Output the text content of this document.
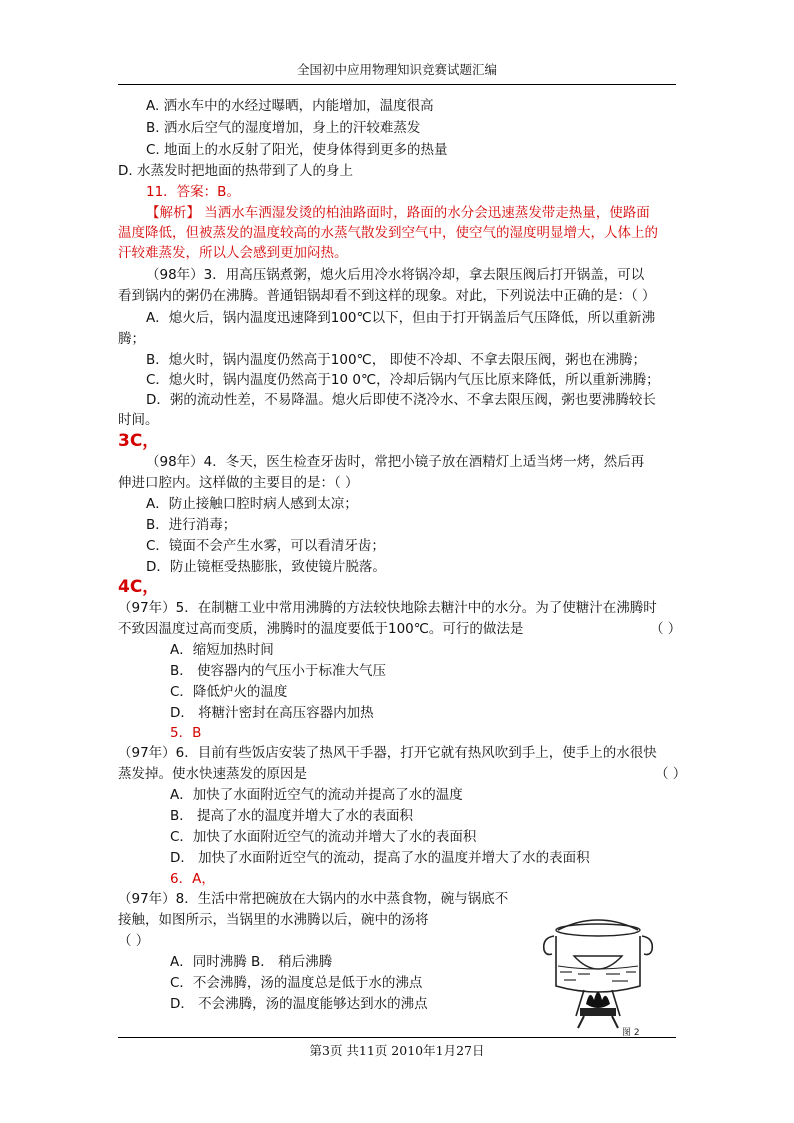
全国初中应用物理知识竞赛试题汇编
A. 洒水车中的水经过曝晒，内能增加，温度很高
B. 洒水后空气的湿度增加，身上的汗较难蒸发
C. 地面上的水反射了阳光，使身体得到更多的热量
D. 水蒸发时把地面的热带到了人的身上
11．答案：B。
【解析】 当洒水车洒湿发烫的柏油路面时，路面的水分会迅速蒸发带走热量，使路面
温度降低，但被蒸发的温度较高的水蒸气散发到空气中，使空气的湿度明显增大，人体上的
汗较难蒸发，所以人会感到更加闷热。
（98年）3．用高压锅煮粥，熄火后用冷水将锅冷却，拿去限压阀后打开锅盖，可以
看到锅内的粥仍在沸腾。普通铝锅却看不到这样的现象。对此，下列说法中正确的是：（ ）
A．熄火后，锅内温度迅速降到100℃以下，但由于打开锅盖后气压降低，所以重新沸
腾；
B．熄火时，锅内温度仍然高于100℃， 即使不冷却、不拿去限压阀，粥也在沸腾；
C．熄火时，锅内温度仍然高于10 0℃，冷却后锅内气压比原来降低，所以重新沸腾；
D．粥的流动性差，不易降温。熄火后即使不浇冷水、不拿去限压阀，粥也要沸腾较长
时间。
3C，
（98年）4．冬天，医生检查牙齿时，常把小镜子放在酒精灯上适当烤一烤，然后再
伸进口腔内。这样做的主要目的是：（ ）
A．防止接触口腔时病人感到太凉；
B．进行消毒；
C．镜面不会产生水雾，可以看清牙齿；
D．防止镜框受热膨胀，致使镜片脱落。
4C，
（97年）5．在制糖工业中常用沸腾的方法较快地除去糖汁中的水分。为了使糖汁在沸腾时
不致因温度过高而变质，沸腾时的温度要低于100℃。可行的做法是	（ ）
A．缩短加热时间
B． 使容器内的气压小于标准大气压
C．降低炉火的温度
D． 将糖汁密封在高压容器内加热
5．B
（97年）6．目前有些饭店安装了热风干手器，打开它就有热风吹到手上，使手上的水很快
蒸发掉。使水快速蒸发的原因是	（ ）
A．加快了水面附近空气的流动并提高了水的温度
B． 提高了水的温度并增大了水的表面积
C．加快了水面附近空气的流动并增大了水的表面积
D． 加快了水面附近空气的流动，提高了水的温度并增大了水的表面积
6．A，
（97年）8．生活中常把碗放在大锅内的水中蒸食物，碗与锅底不
接触，如图所示，当锅里的水沸腾以后，碗中的汤将
（ ）
A．同时沸腾 B． 稍后沸腾
C．不会沸腾，汤的温度总是低于水的沸点
D． 不会沸腾，汤的温度能够达到水的沸点
图 2
第3页 共11页 2010年1月27日
